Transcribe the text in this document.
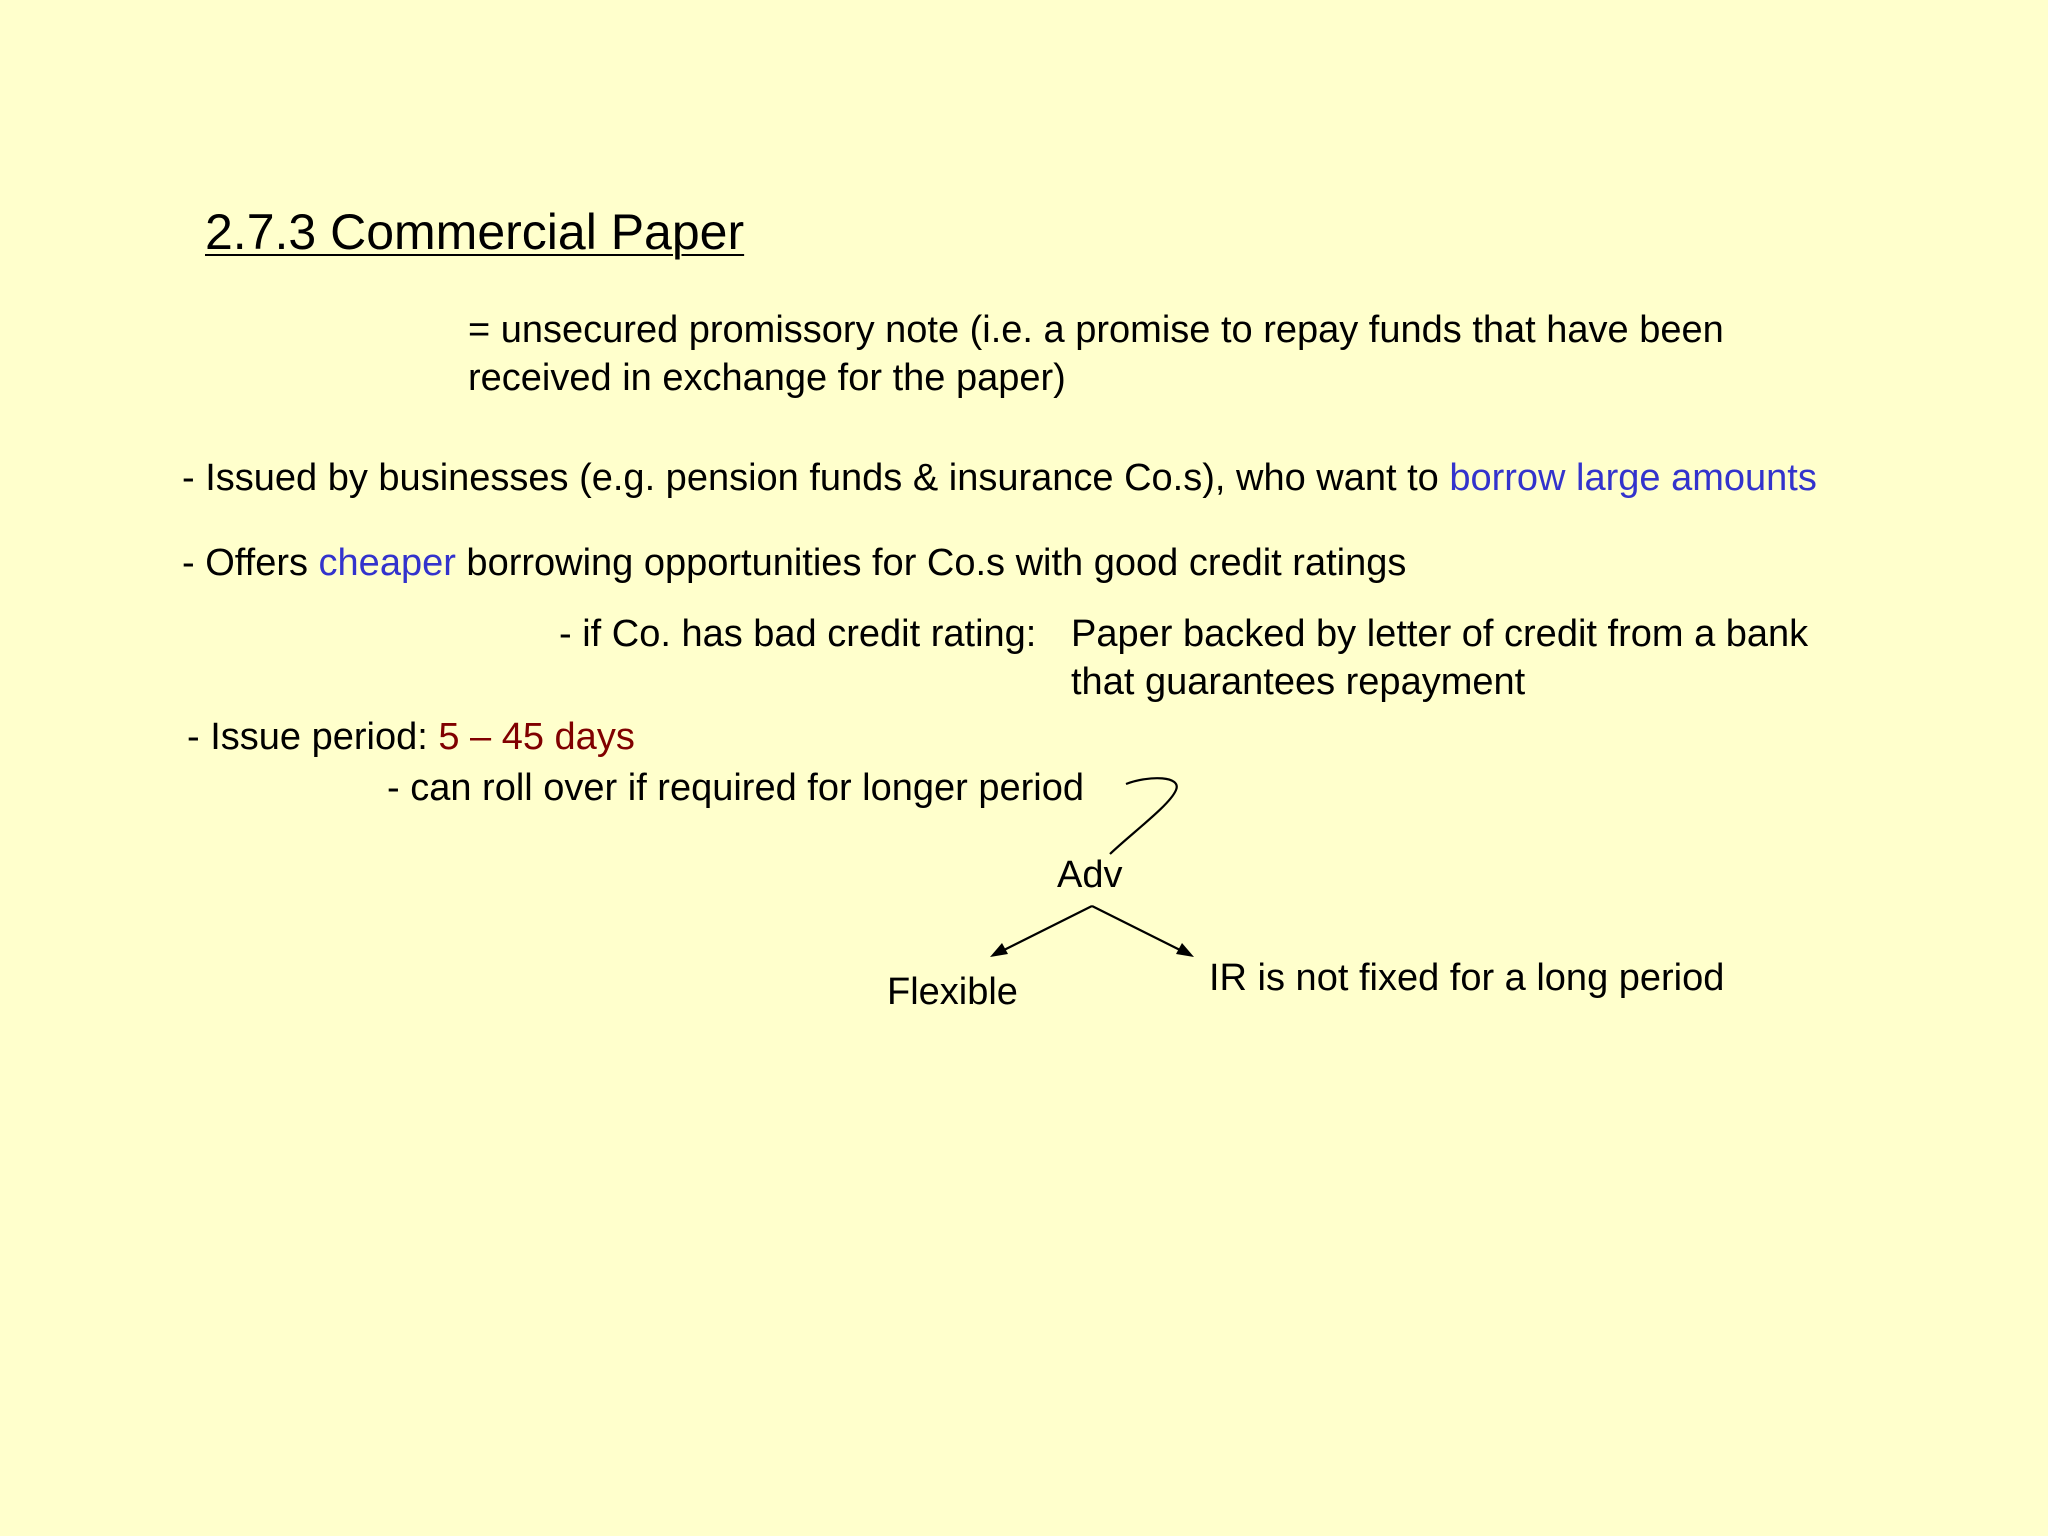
2.7.3 Commercial Paper
= unsecured promissory note (i.e. a promise to repay funds that have been
received in exchange for the paper)
- Issued by businesses (e.g. pension funds & insurance Co.s), who want to borrow large amounts
- Offers cheaper borrowing opportunities for Co.s with good credit ratings
- if Co. has bad credit rating: Paper backed by letter of credit from a bank
that guarantees repayment
- Issue period: 5 – 45 days
- can roll over if required for longer period
Adv
Flexible	IR is not fixed for a long period
